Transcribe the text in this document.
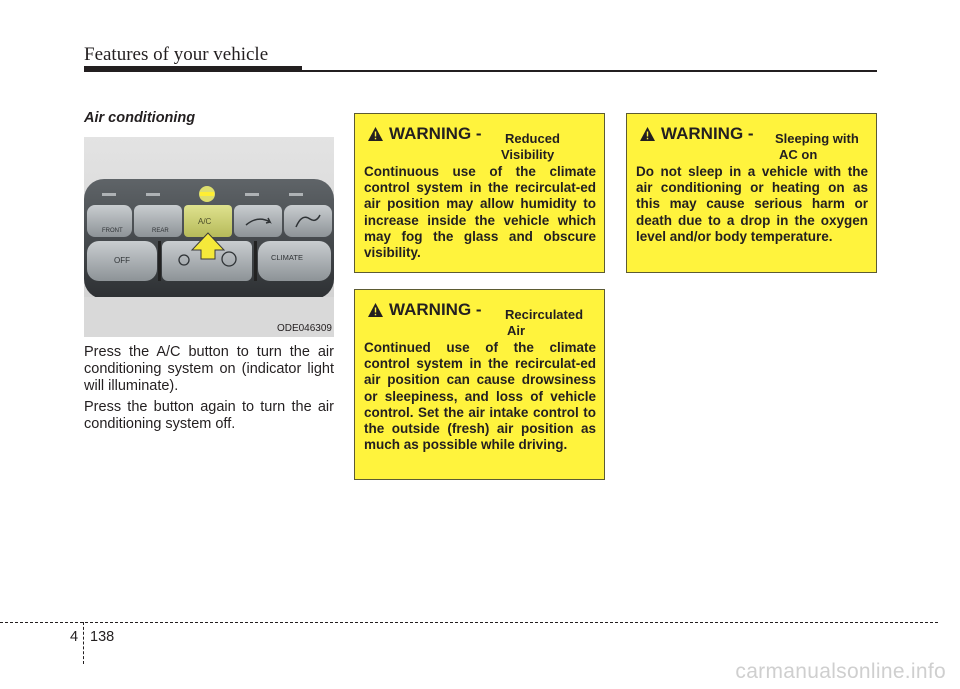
Features of your vehicle
Air conditioning
FRONT	REAR
A/C
OFF	CLIMATE
ODE046309

Press the A/C button to turn the air conditioning system on (indicator light will illuminate).

Press the button again to turn the air conditioning system off.

WARNING - Reduced
Visibility

Continuous use of the climate control system in the recirculat-ed air position may allow humidity to increase inside the vehicle which may fog the glass and obscure visibility.

WARNING - Recirculated
Air

Continued use of the climate control system in the recirculat-ed air position can cause drowsiness or sleepiness, and loss of vehicle control. Set the air intake control to the outside (fresh) air position as much as possible while driving.

WARNING - Sleeping with
AC on

Do not sleep in a vehicle with the air conditioning or heating on as this may cause serious harm or death due to a drop in the oxygen level and/or body temperature.

4 138
carmanualsonline.info
